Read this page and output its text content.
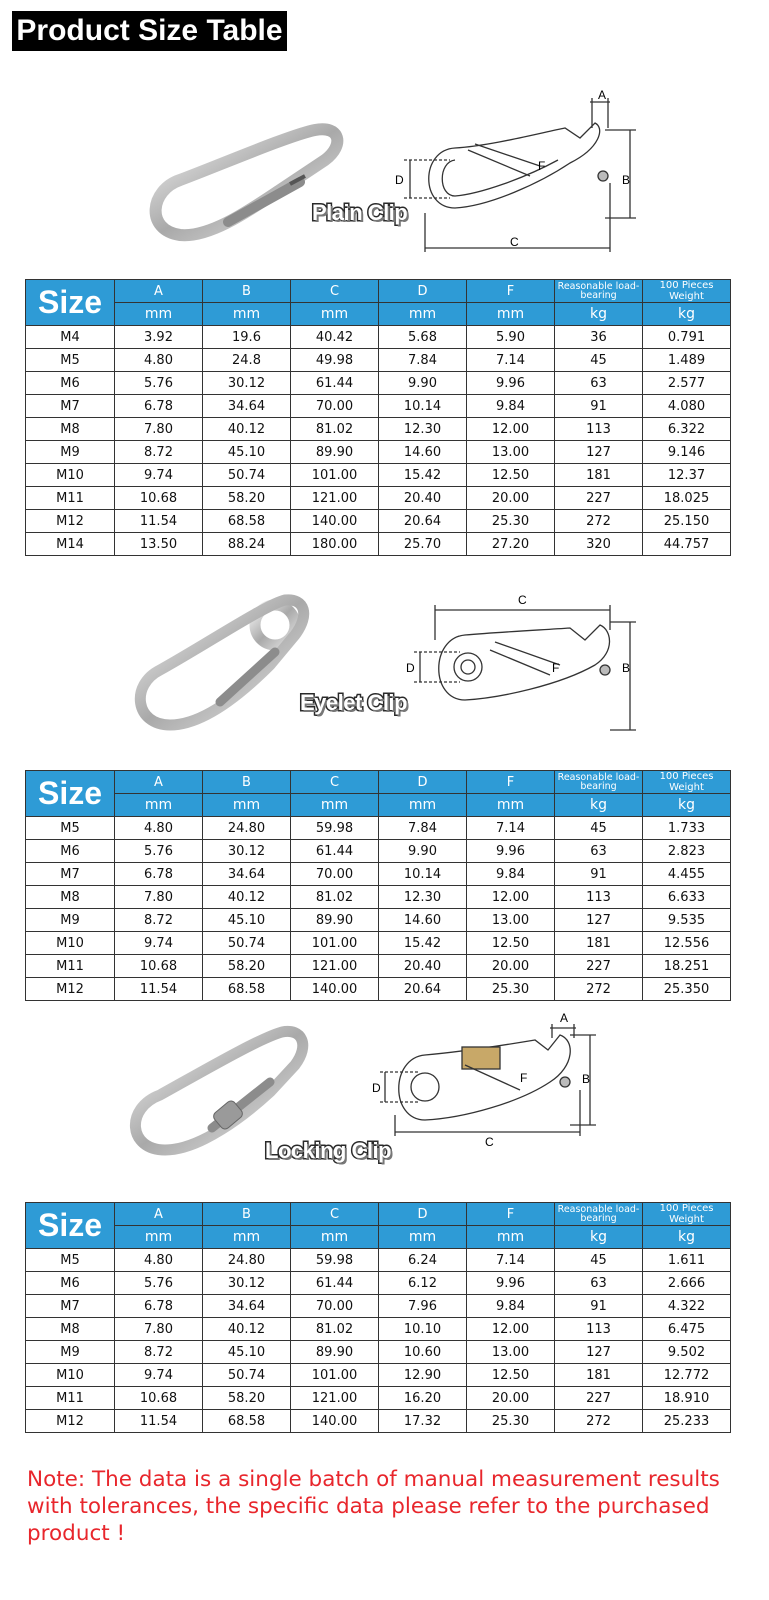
Product Size Table
Plain Clip
A
B
C
D
F
Size	A	B	C	D	F	Reasonable load-bearing	100 Pieces Weight
	mm	mm	mm	mm	mm	kg	kg
M4	3.92	19.6	40.42	5.68	5.90	36	0.791
M5	4.80	24.8	49.98	7.84	7.14	45	1.489
M6	5.76	30.12	61.44	9.90	9.96	63	2.577
M7	6.78	34.64	70.00	10.14	9.84	91	4.080
M8	7.80	40.12	81.02	12.30	12.00	113	6.322
M9	8.72	45.10	89.90	14.60	13.00	127	9.146
M10	9.74	50.74	101.00	15.42	12.50	181	12.37
M11	10.68	58.20	121.00	20.40	20.00	227	18.025
M12	11.54	68.58	140.00	20.64	25.30	272	25.150
M14	13.50	88.24	180.00	25.70	27.20	320	44.757
Eyelet Clip
B
C
D	F
Size	A	B	C	D	F	Reasonable load-bearing	100 Pieces Weight
	mm	mm	mm	mm	mm	kg	kg
M5	4.80	24.80	59.98	7.84	7.14	45	1.733
M6	5.76	30.12	61.44	9.90	9.96	63	2.823
M7	6.78	34.64	70.00	10.14	9.84	91	4.455
M8	7.80	40.12	81.02	12.30	12.00	113	6.633
M9	8.72	45.10	89.90	14.60	13.00	127	9.535
M10	9.74	50.74	101.00	15.42	12.50	181	12.556
M11	10.68	58.20	121.00	20.40	20.00	227	18.251
M12	11.54	68.58	140.00	20.64	25.30	272	25.350
Locking Clip
A
B
C
D
F
Size	A	B	C	D	F	Reasonable load-bearing	100 Pieces Weight
	mm	mm	mm	mm	mm	kg	kg
M5	4.80	24.80	59.98	6.24	7.14	45	1.611
M6	5.76	30.12	61.44	6.12	9.96	63	2.666
M7	6.78	34.64	70.00	7.96	9.84	91	4.322
M8	7.80	40.12	81.02	10.10	12.00	113	6.475
M9	8.72	45.10	89.90	10.60	13.00	127	9.502
M10	9.74	50.74	101.00	12.90	12.50	181	12.772
M11	10.68	58.20	121.00	16.20	20.00	227	18.910
M12	11.54	68.58	140.00	17.32	25.30	272	25.233
Note: The data is a single batch of manual measurement results with tolerances, the specific data please refer to the purchased product !
